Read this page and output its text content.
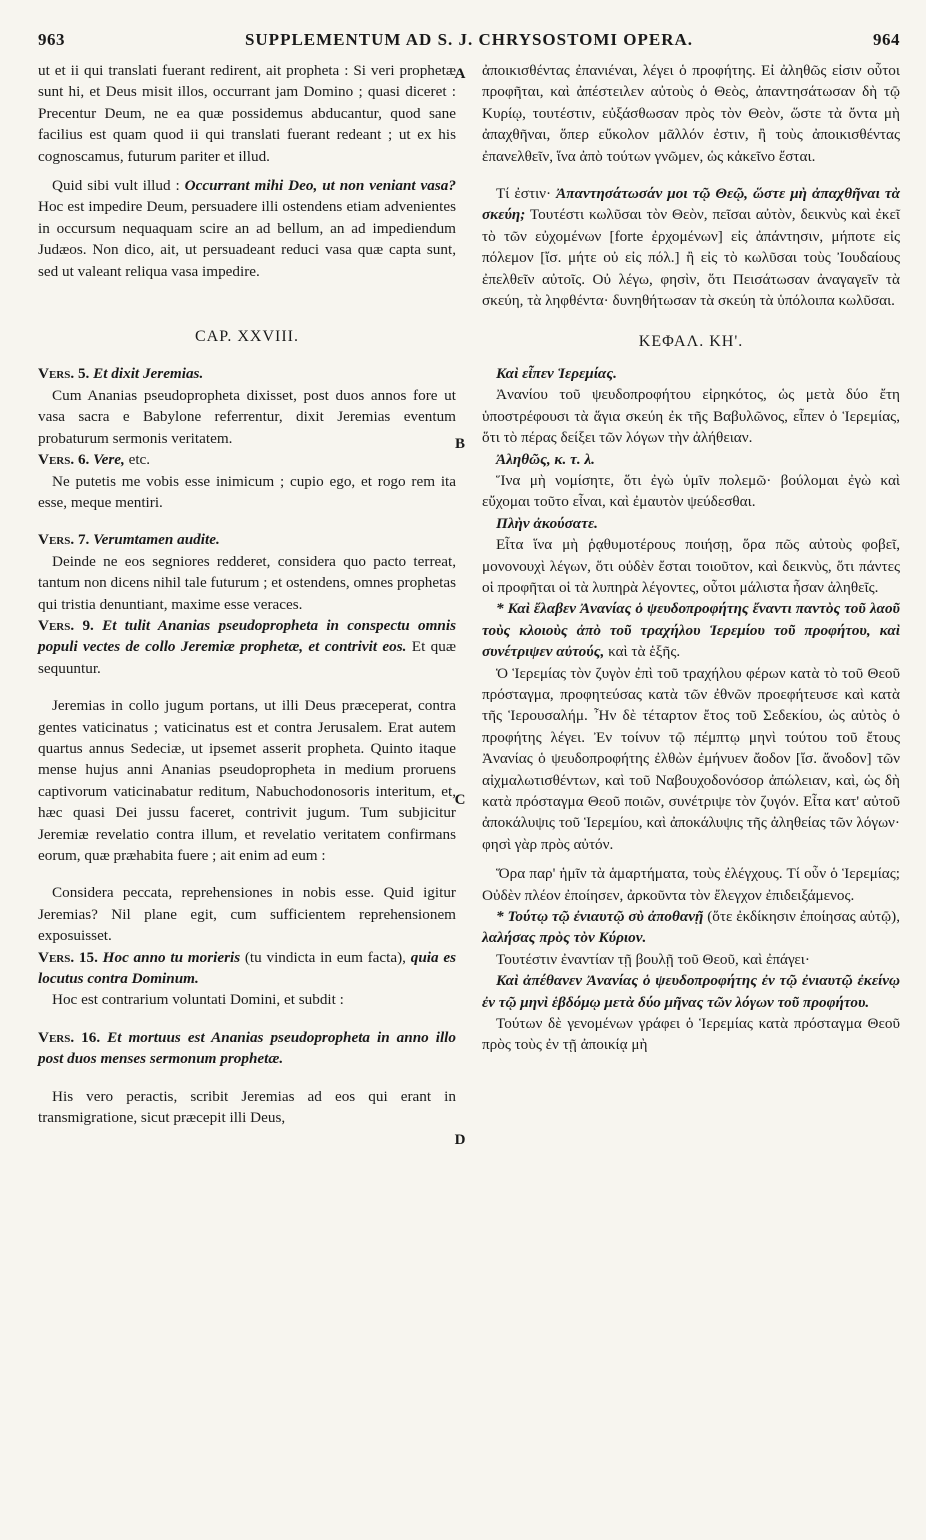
963	SUPPLEMENTUM AD S. J. CHRYSOSTOMI OPERA.	964
A
B
C
D

ut et ii qui translati fuerant redirent, ait propheta : Si veri prophetæ sunt hi, et Deus misit illos, occurrant jam Domino ; quasi diceret : Precentur Deum, ne ea quæ possidemus abducantur, quod sane facilius est quam quod ii qui translati fuerant redeant ; ut ex his cognoscamus, futurum pariter et illud.

Quid sibi vult illud : Occurrant mihi Deo, ut non veniant vasa? Hoc est impedire Deum, persuadere illi ostendens etiam advenientes in occursum nequaquam scire an ad bellum, an ad impediendum Judæos. Non dico, ait, ut persuadeant reduci vasa quæ capta sunt, sed ut valeant reliqua vasa impedire.

CAP. XXVIII.

Vers. 5. Et dixit Jeremias.

Cum Ananias pseudopropheta dixisset, post duos annos fore ut vasa sacra e Babylone referrentur, dixit Jeremias eventum probaturum sermonis veritatem.

Vers. 6. Vere, etc.

Ne putetis me vobis esse inimicum ; cupio ego, et rogo rem ita esse, meque mentiri.

Vers. 7. Verumtamen audite.

Deinde ne eos segniores redderet, considera quo pacto terreat, tantum non dicens nihil tale futurum ; et ostendens, omnes prophetas qui tristia denuntiant, maxime esse veraces.

Vers. 9. Et tulit Ananias pseudopropheta in conspectu omnis populi vectes de collo Jeremiæ prophetæ, et contrivit eos. Et quæ sequuntur.

Jeremias in collo jugum portans, ut illi Deus præceperat, contra gentes vaticinatus ; vaticinatus est et contra Jerusalem. Erat autem quartus annus Sedeciæ, ut ipsemet asserit propheta. Quinto itaque mense hujus anni Ananias pseudopropheta in medium proruens captivorum vaticinabatur reditum, Nabuchodonosoris interitum, et, hæc quasi Dei jussu faceret, contrivit jugum. Tum subjicitur Jeremiæ revelatio contra illum, et revelatio veritatem confirmans eorum, quæ præhabita fuere ; ait enim ad eum :

Considera peccata, reprehensiones in nobis esse. Quid igitur Jeremias? Nil plane egit, cum sufficientem reprehensionem exposuisset.

Vers. 15. Hoc anno tu morieris (tu vindicta in eum facta), quia es locutus contra Dominum.

Hoc est contrarium voluntati Domini, et subdit :

Vers. 16. Et mortuus est Ananias pseudopropheta in anno illo post duos menses sermonum prophetæ.

His vero peractis, scribit Jeremias ad eos qui erant in transmigratione, sicut præcepit illi Deus,

ἀποικισθέντας ἐπανιέναι, λέγει ὁ προφήτης. Εἰ ἀληθῶς εἰσιν οὗτοι προφῆται, καὶ ἀπέστειλεν αὐτοὺς ὁ Θεὸς, ἀπαντησάτωσαν δὴ τῷ Κυρίῳ, τουτέστιν, εὐξάσθωσαν πρὸς τὸν Θεὸν, ὥστε τὰ ὄντα μὴ ἀπαχθῆναι, ὅπερ εὔκολον μᾶλλόν ἐστιν, ἢ τοὺς ἀποικισθέντας ἐπανελθεῖν, ἵνα ἀπὸ τούτων γνῶμεν, ὡς κἀκεῖνο ἔσται.

Τί ἐστιν· Ἀπαντησάτωσάν μοι τῷ Θεῷ, ὥστε μὴ ἀπαχθῆναι τὰ σκεύη; Τουτέστι κωλῦσαι τὸν Θεὸν, πεῖσαι αὐτὸν, δεικνὺς καὶ ἐκεῖ τὸ τῶν εὐχομένων [forte ἐρχομένων] εἰς ἀπάντησιν, μήποτε εἰς πόλεμον [ἴσ. μήτε οὐ εἰς πόλ.] ἢ εἰς τὸ κωλῦσαι τοὺς Ἰουδαίους ἐπελθεῖν αὐτοῖς. Οὐ λέγω, φησὶν, ὅτι Πεισάτωσαν ἀναγαγεῖν τὰ σκεύη, τὰ ληφθέντα· δυνηθήτωσαν τὰ σκεύη τὰ ὑπόλοιπα κωλῦσαι.

ΚΕΦΑΛ. ΚΗ'.

Καὶ εἶπεν Ἱερεμίας.

Ἀνανίου τοῦ ψευδοπροφήτου εἰρηκότος, ὡς μετὰ δύο ἔτη ὑποστρέφουσι τὰ ἅγια σκεύη ἐκ τῆς Βαβυλῶνος, εἶπεν ὁ Ἱερεμίας, ὅτι τὸ πέρας δείξει τῶν λόγων τὴν ἀλήθειαν.

Ἀληθῶς, κ. τ. λ.

Ἵνα μὴ νομίσητε, ὅτι ἐγὼ ὑμῖν πολεμῶ· βούλομαι ἐγὼ καὶ εὔχομαι τοῦτο εἶναι, καὶ ἐμαυτὸν ψεύδεσθαι.

Πλὴν ἀκούσατε.

Εἶτα ἵνα μὴ ῥᾳθυμοτέρους ποιήσῃ, ὅρα πῶς αὐτοὺς φοβεῖ, μονονουχὶ λέγων, ὅτι οὐδὲν ἔσται τοιοῦτον, καὶ δεικνὺς, ὅτι πάντες οἱ προφῆται οἱ τὰ λυπηρὰ λέγοντες, οὗτοι μάλιστα ἦσαν ἀληθεῖς.

* Καὶ ἔλαβεν Ἀνανίας ὁ ψευδοπροφήτης ἔναντι παντὸς τοῦ λαοῦ τοὺς κλοιοὺς ἀπὸ τοῦ τραχήλου Ἱερεμίου τοῦ προφήτου, καὶ συνέτριψεν αὐτούς, καὶ τὰ ἑξῆς.

Ὁ Ἱερεμίας τὸν ζυγὸν ἐπὶ τοῦ τραχήλου φέρων κατὰ τὸ τοῦ Θεοῦ πρόσταγμα, προφητεύσας κατὰ τῶν ἐθνῶν προεφήτευσε καὶ κατὰ τῆς Ἱερουσαλήμ. Ἦν δὲ τέταρτον ἔτος τοῦ Σεδεκίου, ὡς αὐτὸς ὁ προφήτης λέγει. Ἐν τοίνυν τῷ πέμπτῳ μηνὶ τούτου τοῦ ἔτους Ἀνανίας ὁ ψευδοπροφήτης ἐλθὼν ἐμήνυεν ἄοδον [ἴσ. ἄνοδον] τῶν αἰχμαλωτισθέντων, καὶ τοῦ Ναβουχοδονόσορ ἀπώλειαν, καὶ, ὡς δὴ κατὰ πρόσταγμα Θεοῦ ποιῶν, συνέτριψε τὸν ζυγόν. Εἶτα κατ' αὐτοῦ ἀποκάλυψις τοῦ Ἱερεμίου, καὶ ἀποκάλυψις τῆς ἀληθείας τῶν λόγων· φησὶ γὰρ πρὸς αὐτόν.

Ὅρα παρ' ἡμῖν τὰ ἁμαρτήματα, τοὺς ἐλέγχους. Τί οὖν ὁ Ἱερεμίας; Οὐδὲν πλέον ἐποίησεν, ἀρκοῦντα τὸν ἔλεγχον ἐπιδειξάμενος.

* Τούτῳ τῷ ἐνιαυτῷ σὺ ἀποθανῇ (ὅτε ἐκδίκησιν ἐποίησας αὐτῷ), λαλήσας πρὸς τὸν Κύριον.

Τουτέστιν ἐναντίαν τῇ βουλῇ τοῦ Θεοῦ, καὶ ἐπάγει·

Καὶ ἀπέθανεν Ἀνανίας ὁ ψευδοπροφήτης ἐν τῷ ἐνιαυτῷ ἐκείνῳ ἐν τῷ μηνὶ ἑβδόμῳ μετὰ δύο μῆνας τῶν λόγων τοῦ προφήτου.

Τούτων δὲ γενομένων γράφει ὁ Ἱερεμίας κατὰ πρόσταγμα Θεοῦ πρὸς τοὺς ἐν τῇ ἀποικίᾳ μὴ
